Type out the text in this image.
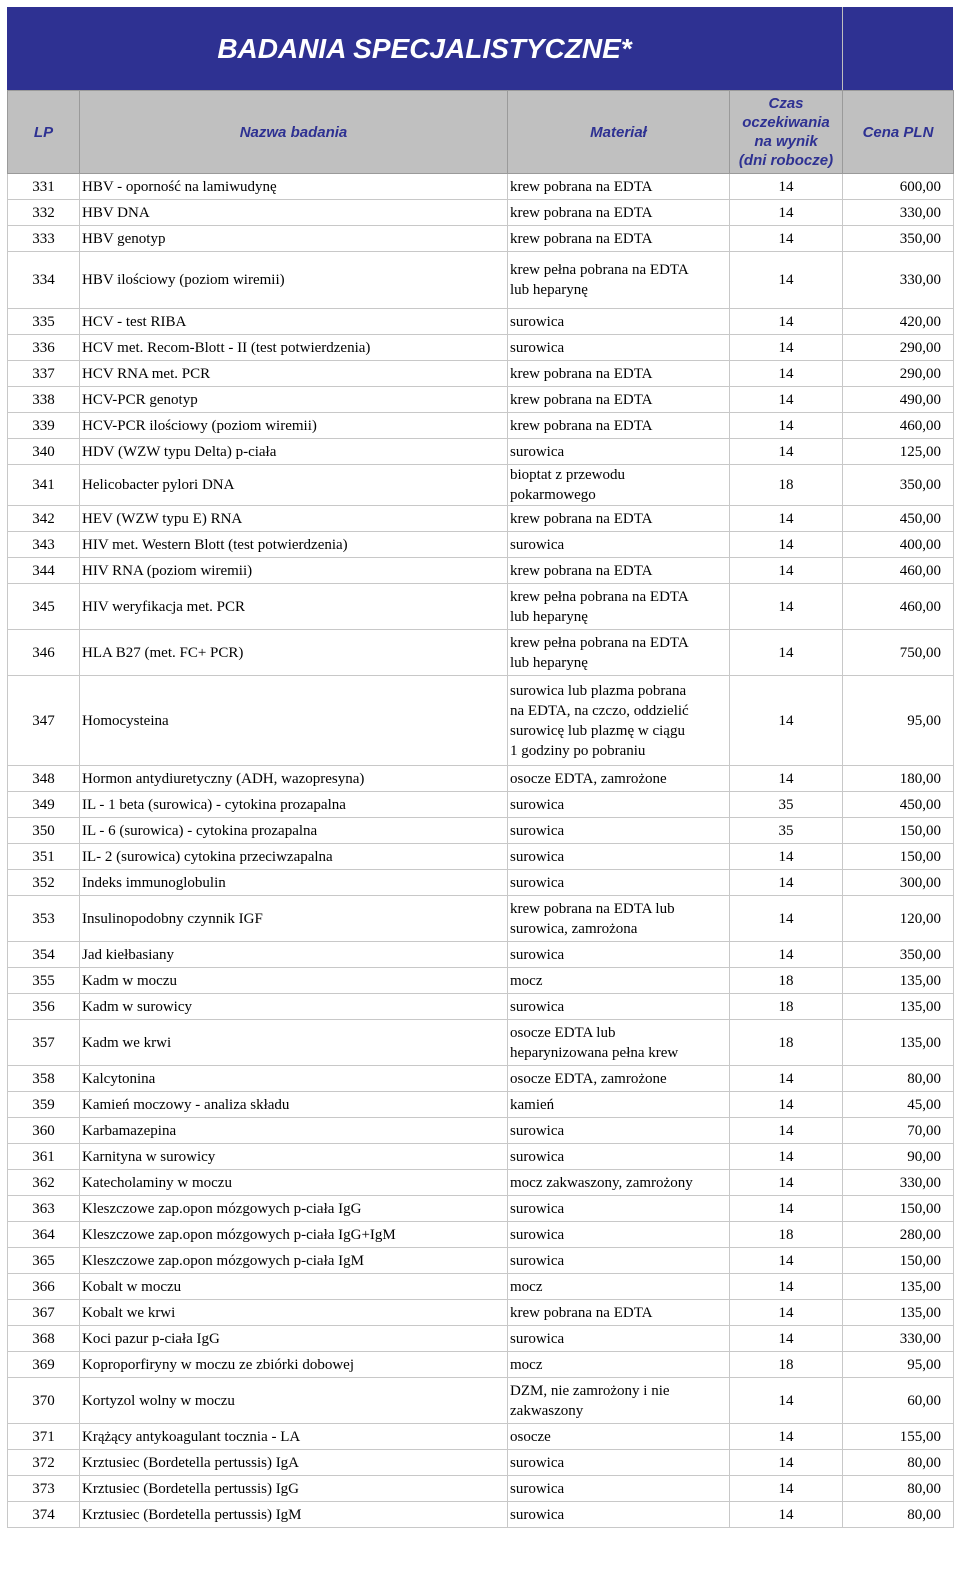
BADANIA SPECJALISTYCZNE*
LP	Nazwa badania	Materiał	Czas
oczekiwania
na wynik
(dni robocze)	Cena PLN
331	HBV - oporność na lamiwudynę	krew pobrana na EDTA	14	600,00
332	HBV DNA	krew pobrana na EDTA	14	330,00
333	HBV genotyp	krew pobrana na EDTA	14	350,00
334	HBV ilościowy (poziom wiremii)	krew pełna pobrana na EDTA
lub heparynę	14	330,00
335	HCV - test RIBA	surowica	14	420,00
336	HCV met. Recom-Blott - II (test potwierdzenia)	surowica	14	290,00
337	HCV RNA met. PCR	krew pobrana na EDTA	14	290,00
338	HCV-PCR genotyp	krew pobrana na EDTA	14	490,00
339	HCV-PCR ilościowy (poziom wiremii)	krew pobrana na EDTA	14	460,00
340	HDV (WZW typu Delta) p-ciała	surowica	14	125,00
341	Helicobacter pylori DNA	bioptat z przewodu
pokarmowego	18	350,00
342	HEV (WZW typu E) RNA	krew pobrana na EDTA	14	450,00
343	HIV met. Western Blott (test potwierdzenia)	surowica	14	400,00
344	HIV RNA (poziom wiremii)	krew pobrana na EDTA	14	460,00
345	HIV weryfikacja met. PCR	krew pełna pobrana na EDTA
lub heparynę	14	460,00
346	HLA B27 (met. FC+ PCR)	krew pełna pobrana na EDTA
lub heparynę	14	750,00
347	Homocysteina	surowica lub plazma pobrana
na EDTA, na czczo, oddzielić
surowicę lub plazmę w ciągu
1 godziny po pobraniu	14	95,00
348	Hormon antydiuretyczny (ADH, wazopresyna)	osocze EDTA, zamrożone	14	180,00
349	IL - 1 beta (surowica) - cytokina prozapalna	surowica	35	450,00
350	IL - 6 (surowica) - cytokina prozapalna	surowica	35	150,00
351	IL- 2 (surowica) cytokina przeciwzapalna	surowica	14	150,00
352	Indeks immunoglobulin	surowica	14	300,00
353	Insulinopodobny czynnik IGF	krew pobrana na EDTA lub
surowica, zamrożona	14	120,00
354	Jad kiełbasiany	surowica	14	350,00
355	Kadm w moczu	mocz	18	135,00
356	Kadm w surowicy	surowica	18	135,00
357	Kadm we krwi	osocze EDTA lub
heparynizowana pełna krew	18	135,00
358	Kalcytonina	osocze EDTA, zamrożone	14	80,00
359	Kamień moczowy - analiza składu	kamień	14	45,00
360	Karbamazepina	surowica	14	70,00
361	Karnityna w surowicy	surowica	14	90,00
362	Katecholaminy w moczu	mocz zakwaszony, zamrożony	14	330,00
363	Kleszczowe zap.opon mózgowych p-ciała IgG	surowica	14	150,00
364	Kleszczowe zap.opon mózgowych p-ciała IgG+IgM	surowica	18	280,00
365	Kleszczowe zap.opon mózgowych p-ciała IgM	surowica	14	150,00
366	Kobalt w moczu	mocz	14	135,00
367	Kobalt we krwi	krew pobrana na EDTA	14	135,00
368	Koci pazur p-ciała IgG	surowica	14	330,00
369	Koproporfiryny w moczu ze zbiórki dobowej	mocz	18	95,00
370	Kortyzol wolny w moczu	DZM, nie zamrożony i nie
zakwaszony	14	60,00
371	Krążący antykoagulant tocznia - LA	osocze	14	155,00
372	Krztusiec (Bordetella pertussis) IgA	surowica	14	80,00
373	Krztusiec (Bordetella pertussis) IgG	surowica	14	80,00
374	Krztusiec (Bordetella pertussis) IgM	surowica	14	80,00
